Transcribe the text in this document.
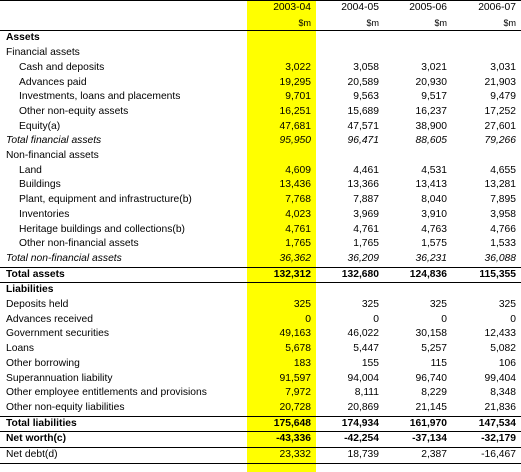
	2003-04	2004-05	2005-06	2006-07
	$m	$m	$m	$m
Assets				
Financial assets				
Cash and deposits	3,022	3,058	3,021	3,031
Advances paid	19,295	20,589	20,930	21,903
Investments, loans and placements	9,701	9,563	9,517	9,479
Other non-equity assets	16,251	15,689	16,237	17,252
Equity(a)	47,681	47,571	38,900	27,601
Total financial assets	95,950	96,471	88,605	79,266
Non-financial assets				
Land	4,609	4,461	4,531	4,655
Buildings	13,436	13,366	13,413	13,281
Plant, equipment and infrastructure(b)	7,768	7,887	8,040	7,895
Inventories	4,023	3,969	3,910	3,958
Heritage buildings and collections(b)	4,761	4,761	4,763	4,766
Other non-financial assets	1,765	1,765	1,575	1,533
Total non-financial assets	36,362	36,209	36,231	36,088
Total assets	132,312	132,680	124,836	115,355
Liabilities				
Deposits held	325	325	325	325
Advances received	0	0	0	0
Government securities	49,163	46,022	30,158	12,433
Loans	5,678	5,447	5,257	5,082
Other borrowing	183	155	115	106
Superannuation liability	91,597	94,004	96,740	99,404
Other employee entitlements and provisions	7,972	8,111	8,229	8,348
Other non-equity liabilities	20,728	20,869	21,145	21,836
Total liabilities	175,648	174,934	161,970	147,534
Net worth(c)	-43,336	-42,254	-37,134	-32,179
Net debt(d)	23,332	18,739	2,387	-16,467
